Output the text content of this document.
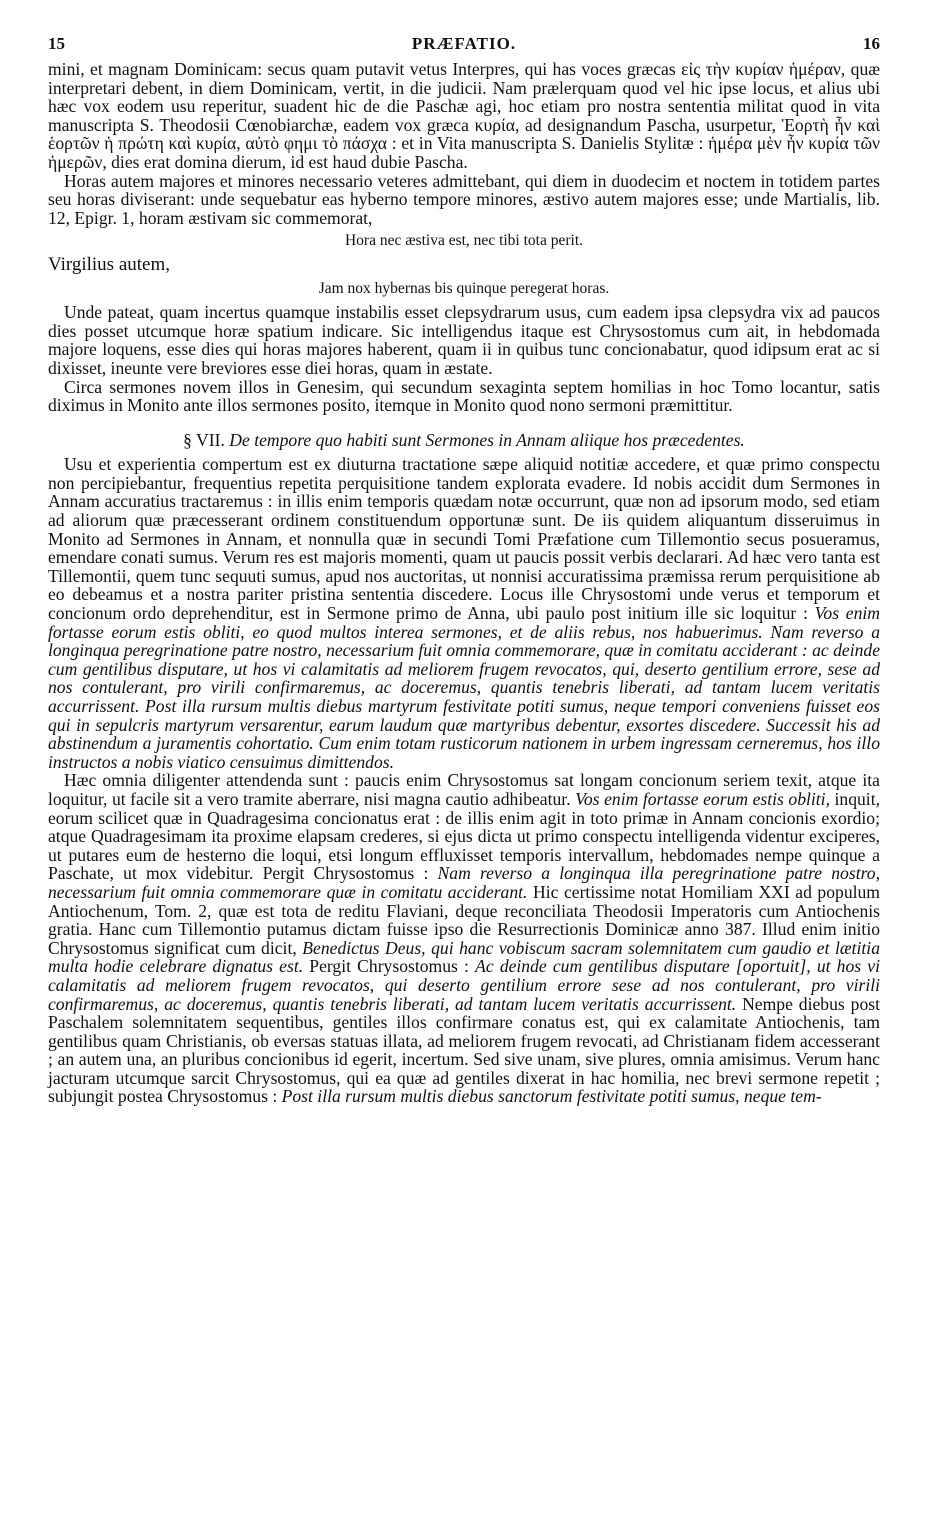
15	PRÆFATIO.	16

mini, et magnam Dominicam: secus quam putavit vetus Interpres, qui has voces græcas εἰς τὴν κυρίαν ἡμέραν, quæ interpretari debent, in diem Dominicam, vertit, in die judicii. Nam prælerquam quod vel hic ipse locus, et alius ubi hæc vox eodem usu reperitur, suadent hic de die Paschæ agi, hoc etiam pro nostra sententia militat quod in vita manuscripta S. Theodosii Cœnobiarchæ, eadem vox græca κυρία, ad designandum Pascha, usurpetur, Ἑορτὴ ἦν καὶ ἑορτῶν ἡ πρώτη καὶ κυρία, αὐτὸ φημι τὸ πάσχα : et in Vita manuscripta S. Danielis Stylitæ : ἡμέρα μὲν ἦν κυρία τῶν ἡμερῶν, dies erat domina dierum, id est haud dubie Pascha.

Horas autem majores et minores necessario veteres admittebant, qui diem in duodecim et noctem in totidem partes seu horas diviserant: unde sequebatur eas hyberno tempore minores, æstivo autem majores esse; unde Martialis, lib. 12, Epigr. 1, horam æstivam sic commemorat,

Hora nec æstiva est, nec tibi tota perit.

Virgilius autem,

Jam nox hybernas bis quinque peregerat horas.

Unde pateat, quam incertus quamque instabilis esset clepsydrarum usus, cum eadem ipsa clepsydra vix ad paucos dies posset utcumque horæ spatium indicare. Sic intelligendus itaque est Chrysostomus cum ait, in hebdomada majore loquens, esse dies qui horas majores haberent, quam ii in quibus tunc concionabatur, quod idipsum erat ac si dixisset, ineunte vere breviores esse diei horas, quam in æstate.

Circa sermones novem illos in Genesim, qui secundum sexaginta septem homilias in hoc Tomo locantur, satis diximus in Monito ante illos sermones posito, itemque in Monito quod nono sermoni præmittitur.

§ VII. De tempore quo habiti sunt Sermones in Annam aliique hos præcedentes.

Usu et experientia compertum est ex diuturna tractatione sæpe aliquid notitiæ accedere, et quæ primo conspectu non percipiebantur, frequentius repetita perquisitione tandem explorata evadere. Id nobis accidit dum Sermones in Annam accuratius tractaremus : in illis enim temporis quædam notæ occurrunt, quæ non ad ipsorum modo, sed etiam ad aliorum quæ præcesserant ordinem constituendum opportunæ sunt. De iis quidem aliquantum disseruimus in Monito ad Sermones in Annam, et nonnulla quæ in secundi Tomi Præfatione cum Tillemontio secus posueramus, emendare conati sumus. Verum res est majoris momenti, quam ut paucis possit verbis declarari. Ad hæc vero tanta est Tillemontii, quem tunc sequuti sumus, apud nos auctoritas, ut nonnisi accuratissima præmissa rerum perquisitione ab eo debeamus et a nostra pariter pristina sententia discedere. Locus ille Chrysostomi unde verus et temporum et concionum ordo deprehenditur, est in Sermone primo de Anna, ubi paulo post initium ille sic loquitur : Vos enim fortasse eorum estis obliti, eo quod multos interea sermones, et de aliis rebus, nos habuerimus. Nam reverso a longinqua peregrinatione patre nostro, necessarium fuit omnia commemorare, quæ in comitatu acciderant : ac deinde cum gentilibus disputare, ut hos vi calamitatis ad meliorem frugem revocatos, qui, deserto gentilium errore, sese ad nos contulerant, pro virili confirmaremus, ac doceremus, quantis tenebris liberati, ad tantam lucem veritatis accurrissent. Post illa rursum multis diebus martyrum festivitate potiti sumus, neque tempori conveniens fuisset eos qui in sepulcris martyrum versarentur, earum laudum quæ martyribus debentur, exsortes discedere. Successit his ad abstinendum a juramentis cohortatio. Cum enim totam rusticorum nationem in urbem ingressam cerneremus, hos illo instructos a nobis viatico censuimus dimittendos.

Hæc omnia diligenter attendenda sunt : paucis enim Chrysostomus sat longam concionum seriem texit, atque ita loquitur, ut facile sit a vero tramite aberrare, nisi magna cautio adhibeatur. Vos enim fortasse eorum estis obliti, inquit, eorum scilicet quæ in Quadragesima concionatus erat : de illis enim agit in toto primæ in Annam concionis exordio; atque Quadragesimam ita proxime elapsam crederes, si ejus dicta ut primo conspectu intelligenda videntur exciperes, ut putares eum de hesterno die loqui, etsi longum effluxisset temporis intervallum, hebdomades nempe quinque a Paschate, ut mox videbitur. Pergit Chrysostomus : Nam reverso a longinqua illa peregrinatione patre nostro, necessarium fuit omnia commemorare quæ in comitatu acciderant. Hic certissime notat Homiliam XXI ad populum Antiochenum, Tom. 2, quæ est tota de reditu Flaviani, deque reconciliata Theodosii Imperatoris cum Antiochenis gratia. Hanc cum Tillemontio putamus dictam fuisse ipso die Resurrectionis Dominicæ anno 387. Illud enim initio Chrysostomus significat cum dicit, Benedictus Deus, qui hanc vobiscum sacram solemnitatem cum gaudio et lætitia multa hodie celebrare dignatus est. Pergit Chrysostomus : Ac deinde cum gentilibus disputare [oportuit], ut hos vi calamitatis ad meliorem frugem revocatos, qui deserto gentilium errore sese ad nos contulerant, pro virili confirmaremus, ac doceremus, quantis tenebris liberati, ad tantam lucem veritatis accurrissent. Nempe diebus post Paschalem solemnitatem sequentibus, gentiles illos confirmare conatus est, qui ex calamitate Antiochenis, tam gentilibus quam Christianis, ob eversas statuas illata, ad meliorem frugem revocati, ad Christianam fidem accesserant ; an autem una, an pluribus concionibus id egerit, incertum. Sed sive unam, sive plures, omnia amisimus. Verum hanc jacturam utcumque sarcit Chrysostomus, qui ea quæ ad gentiles dixerat in hac homilia, nec brevi sermone repetit ; subjungit postea Chrysostomus : Post illa rursum multis diebus sanctorum festivitate potiti sumus, neque tem-
